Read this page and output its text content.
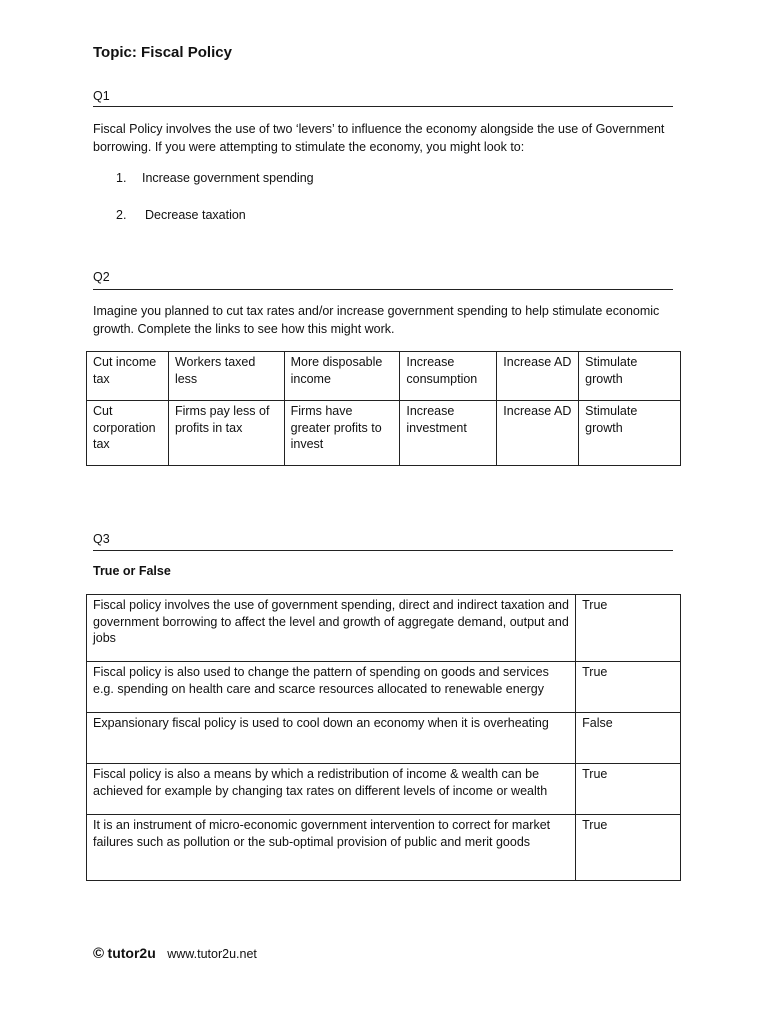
Topic: Fiscal Policy
Q1
Fiscal Policy involves the use of two ‘levers’ to influence the economy alongside the use of Government borrowing. If you were attempting to stimulate the economy, you might look to:
1. Increase government spending
2. Decrease taxation
Q2
Imagine you planned to cut tax rates and/or increase government spending to help stimulate economic growth. Complete the links to see how this might work.
Cut income tax	Workers taxed less	More disposable income	Increase consumption	Increase AD	Stimulate growth
Cut corporation tax	Firms pay less of profits in tax	Firms have greater profits to invest	Increase investment	Increase AD	Stimulate growth
Q3
True or False
Fiscal policy involves the use of government spending, direct and indirect taxation and government borrowing to affect the level and growth of aggregate demand, output and jobs	True
Fiscal policy is also used to change the pattern of spending on goods and services e.g. spending on health care and scarce resources allocated to renewable energy	True
Expansionary fiscal policy is used to cool down an economy when it is overheating	False
Fiscal policy is also a means by which a redistribution of income & wealth can be achieved for example by changing tax rates on different levels of income or wealth	True
It is an instrument of micro-economic government intervention to correct for market failures such as pollution or the sub-optimal provision of public and merit goods	True
© tutor2u www.tutor2u.net
